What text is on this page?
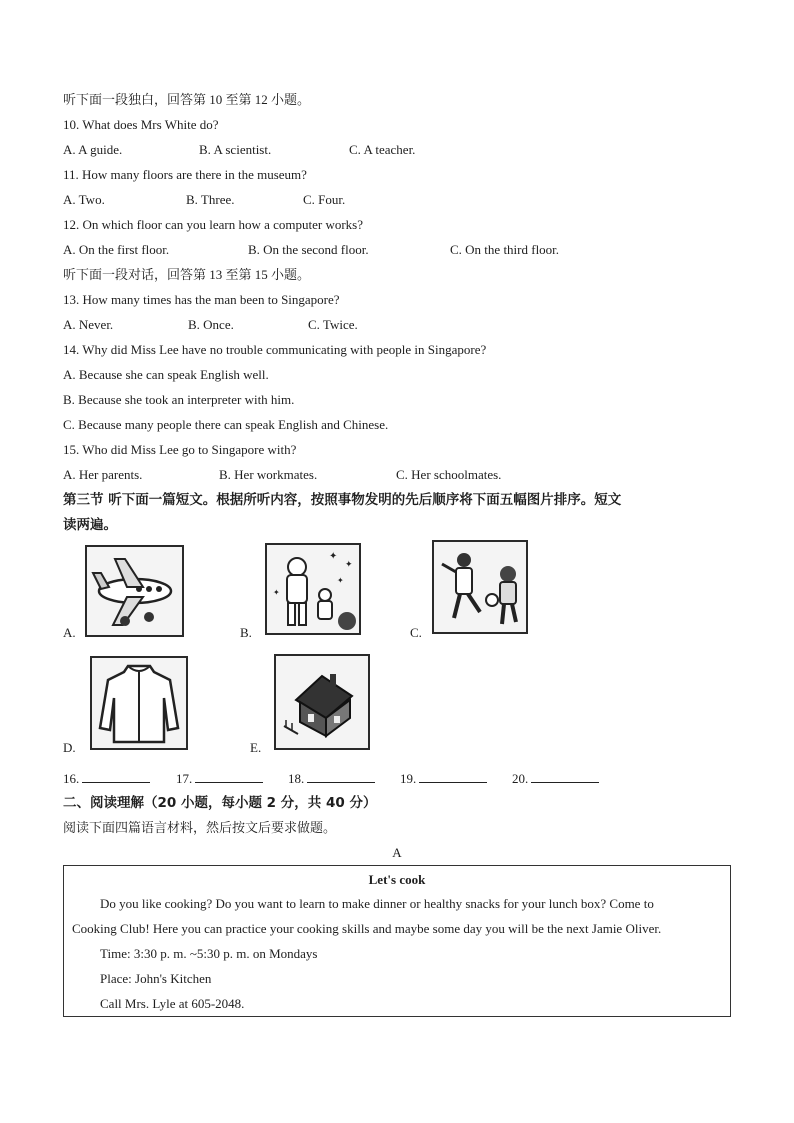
听下面一段独白，回答第 10 至第 12 小题。
10. What does Mrs White do?
A. A guide.	B. A scientist.	C. A teacher.
11. How many floors are there in the museum?
A. Two.	B. Three.	C. Four.
12. On which floor can you learn how a computer works?
A. On the first floor.	B. On the second floor.	C. On the third floor.
听下面一段对话，回答第 13 至第 15 小题。
13. How many times has the man been to Singapore?
A. Never.	B. Once.	C. Twice.
14. Why did Miss Lee have no trouble communicating with people in Singapore?
A. Because she can speak English well.
B. Because she took an interpreter with him.
C. Because many people there can speak English and Chinese.
15. Who did Miss Lee go to Singapore with?
A. Her parents.	B. Her workmates.	C. Her schoolmates.
第三节 听下面一篇短文。根据所听内容，按照事物发明的先后顺序将下面五幅图片排序。短文
读两遍。
A.	B.
✦
✦
✦
✦
C.
D.	E.
16.	17.	18.	19.	20.
二、阅读理解（20 小题，每小题 2 分，共 40 分）
阅读下面四篇语言材料，然后按文后要求做题。
A
Let's cook
Do you like cooking? Do you want to learn to make dinner or healthy snacks for your lunch box? Come to
Cooking Club! Here you can practice your cooking skills and maybe some day you will be the next Jamie Oliver.
Time: 3:30 p. m. ~5:30 p. m. on Mondays
Place: John's Kitchen
Call Mrs. Lyle at 605-2048.
